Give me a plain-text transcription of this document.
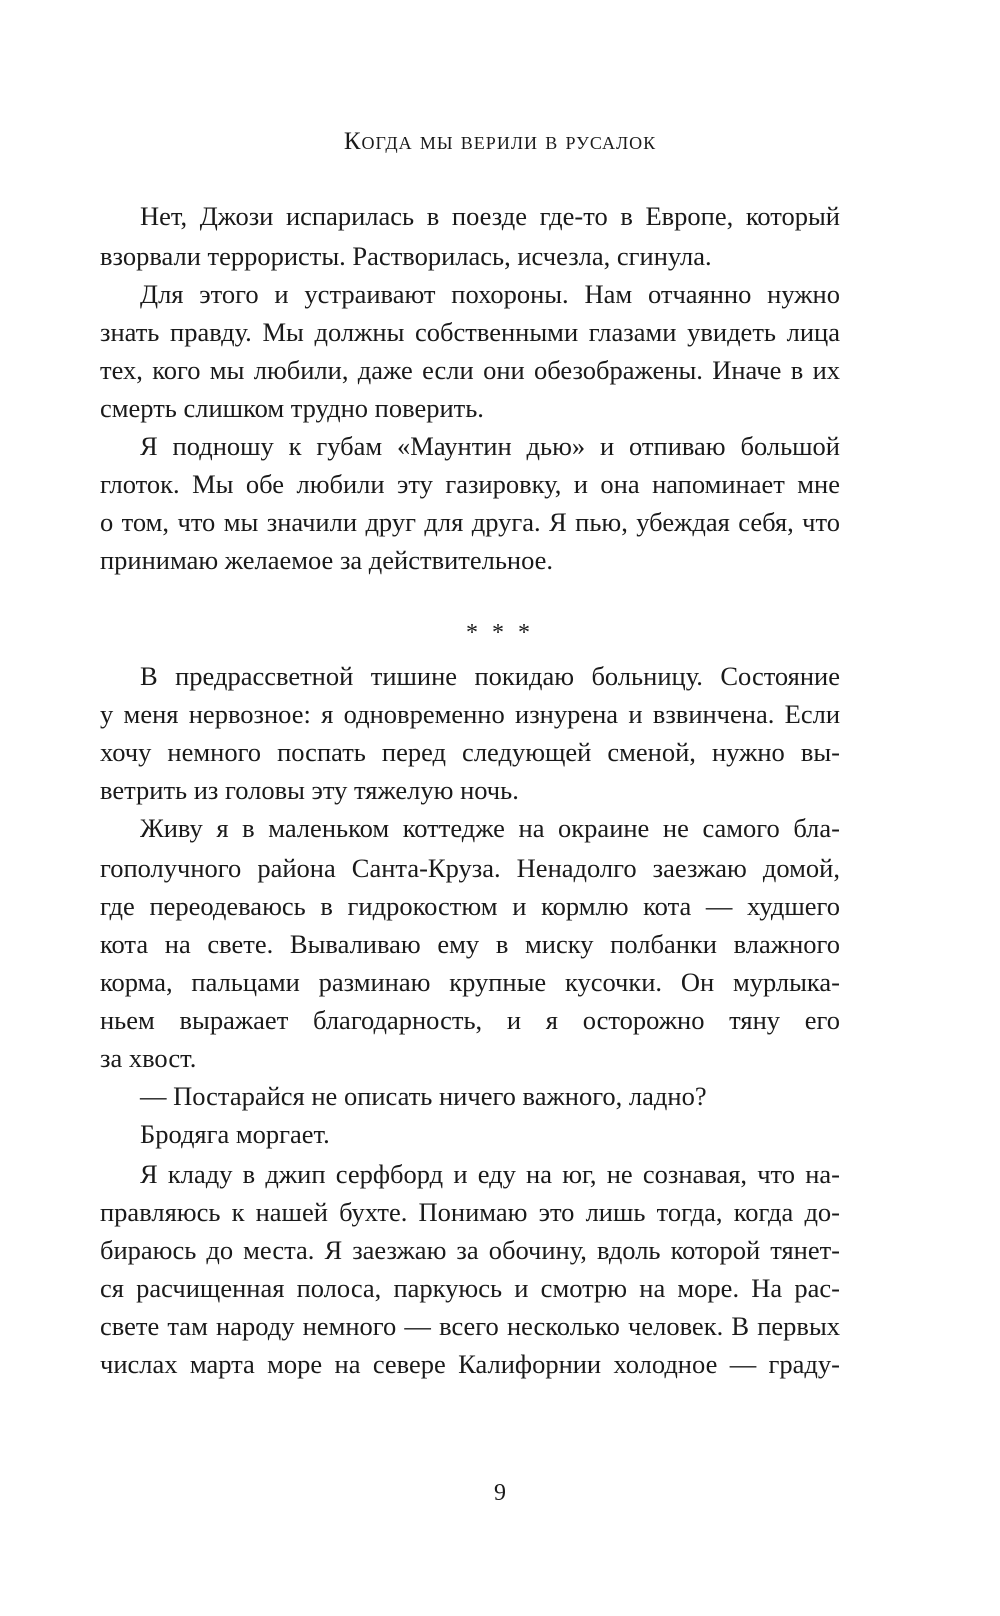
Когда мы верили в русалок
Нет, Джози испарилась в поезде где-то в Европе, который
взорвали террористы. Растворилась, исчезла, сгинула.
Для этого и устраивают похороны. Нам отчаянно нужно
знать правду. Мы должны собственными глазами увидеть лица
тех, кого мы любили, даже если они обезображены. Иначе в их
смерть слишком трудно поверить.
Я подношу к губам «Маунтин дью» и отпиваю большой
глоток. Мы обе любили эту газировку, и она напоминает мне
о том, что мы значили друг для друга. Я пью, убеждая себя, что
принимаю желаемое за действительное.
* * *
В предрассветной тишине покидаю больницу. Состояние
у меня нервозное: я одновременно изнурена и взвинчена. Если
хочу немного поспать перед следующей сменой, нужно вы-
ветрить из головы эту тяжелую ночь.
Живу я в маленьком коттедже на окраине не самого бла-
гополучного района Санта-Круза. Ненадолго заезжаю домой,
где переодеваюсь в гидрокостюм и кормлю кота — худшего
кота на свете. Вываливаю ему в миску полбанки влажного
корма, пальцами разминаю крупные кусочки. Он мурлыка-
ньем выражает благодарность, и я осторожно тяну его
за хвост.
— Постарайся не описать ничего важного, ладно?
Бродяга моргает.
Я кладу в джип серфборд и еду на юг, не сознавая, что на-
правляюсь к нашей бухте. Понимаю это лишь тогда, когда до-
бираюсь до места. Я заезжаю за обочину, вдоль которой тянет-
ся расчищенная полоса, паркуюсь и смотрю на море. На рас-
свете там народу немного — всего несколько человек. В первых
числах марта море на севере Калифорнии холодное — граду-
9
